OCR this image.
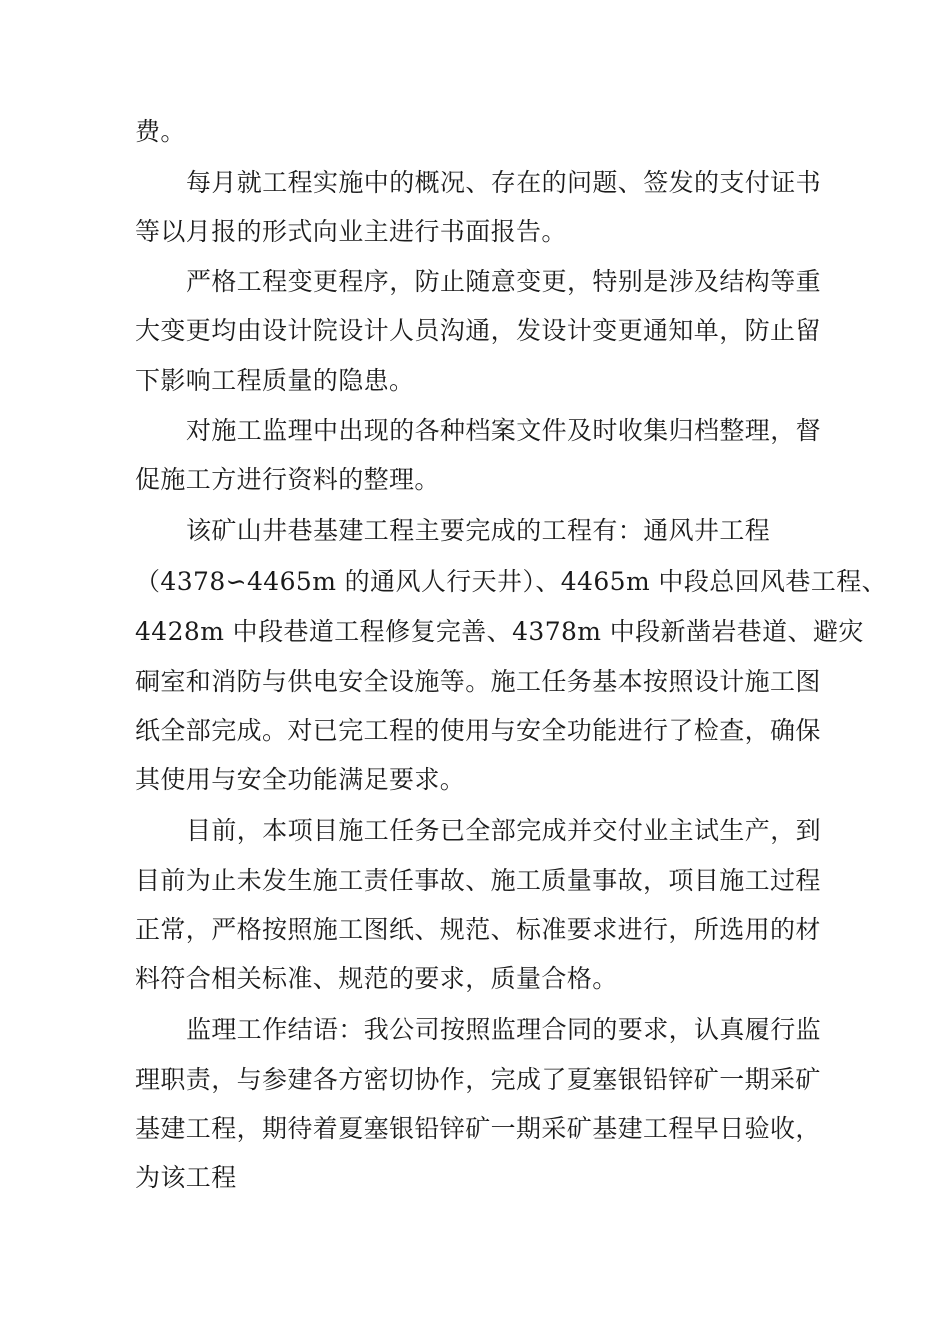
费。
每月就工程实施中的概况、存在的问题、签发的支付证书
等以月报的形式向业主进行书面报告。
严格工程变更程序，防止随意变更，特别是涉及结构等重
大变更均由设计院设计人员沟通，发设计变更通知单，防止留
下影响工程质量的隐患。
对施工监理中出现的各种档案文件及时收集归档整理，督
促施工方进行资料的整理。
该矿山井巷基建工程主要完成的工程有：通风井工程
（4378∽4465m 的通风人行天井）、4465m 中段总回风巷工程、
4428m 中段巷道工程修复完善、4378m 中段新凿岩巷道、避灾
硐室和消防与供电安全设施等。施工任务基本按照设计施工图
纸全部完成。对已完工程的使用与安全功能进行了检查，确保
其使用与安全功能满足要求。
目前，本项目施工任务已全部完成并交付业主试生产，到
目前为止未发生施工责任事故、施工质量事故，项目施工过程
正常，严格按照施工图纸、规范、标准要求进行，所选用的材
料符合相关标准、规范的要求，质量合格。
监理工作结语：我公司按照监理合同的要求，认真履行监
理职责，与参建各方密切协作，完成了夏塞银铅锌矿一期采矿
基建工程，期待着夏塞银铅锌矿一期采矿基建工程早日验收，
为该工程
